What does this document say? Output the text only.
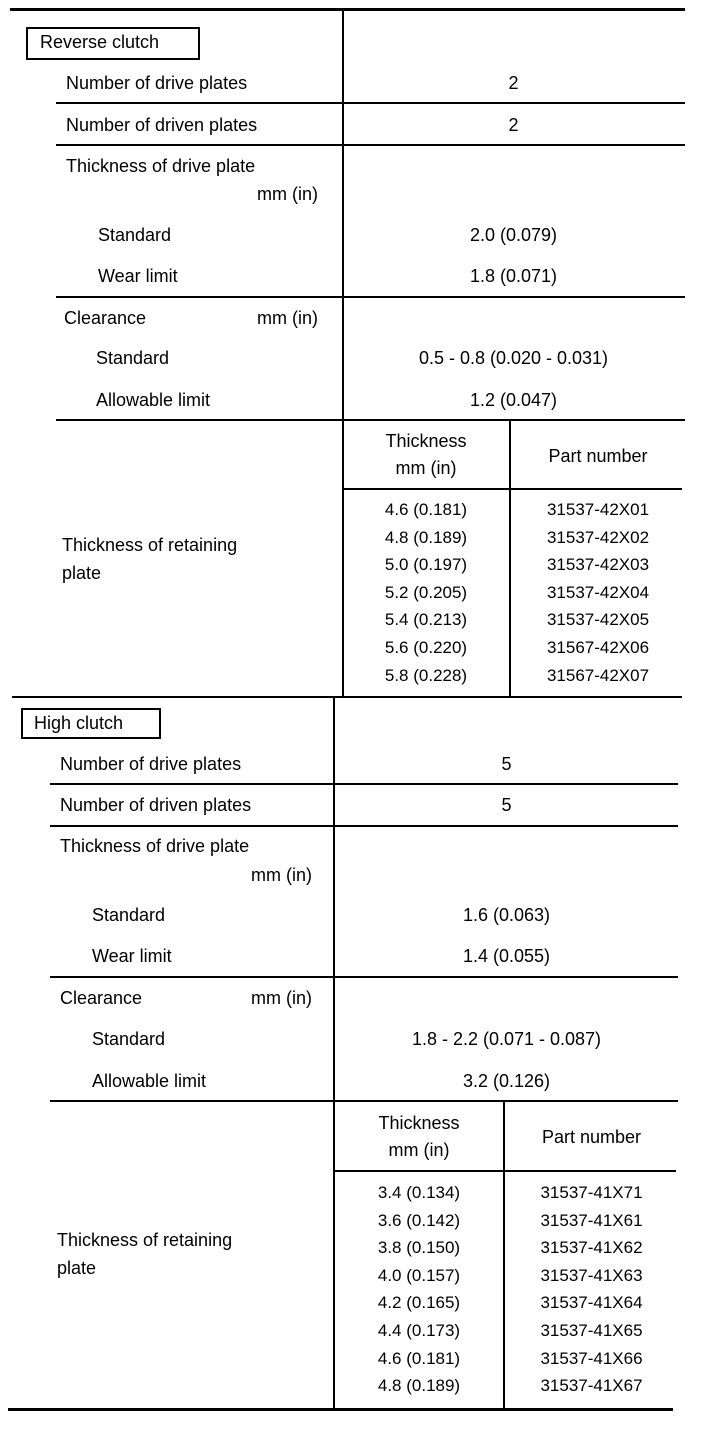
Reverse clutch
Number of drive plates	2
Number of driven plates	2
Thickness of drive plate
mm (in)
Standard	2.0 (0.079)
Wear limit	1.8 (0.071)
Clearance	mm (in)
Standard	0.5 - 0.8 (0.020 - 0.031)
Allowable limit	1.2 (0.047)
Thickness of retaining
plate
Thickness
mm (in)
Part number
4.6 (0.181)	31537-42X01
4.8 (0.189)	31537-42X02
5.0 (0.197)	31537-42X03
5.2 (0.205)	31537-42X04
5.4 (0.213)	31537-42X05
5.6 (0.220)	31567-42X06
5.8 (0.228)	31567-42X07
High clutch
Number of drive plates	5
Number of driven plates	5
Thickness of drive plate
mm (in)
Standard	1.6 (0.063)
Wear limit	1.4 (0.055)
Clearance	mm (in)
Standard	1.8 - 2.2 (0.071 - 0.087)
Allowable limit	3.2 (0.126)
Thickness of retaining
plate
Thickness
mm (in)
Part number
3.4 (0.134)	31537-41X71
3.6 (0.142)	31537-41X61
3.8 (0.150)	31537-41X62
4.0 (0.157)	31537-41X63
4.2 (0.165)	31537-41X64
4.4 (0.173)	31537-41X65
4.6 (0.181)	31537-41X66
4.8 (0.189)	31537-41X67
